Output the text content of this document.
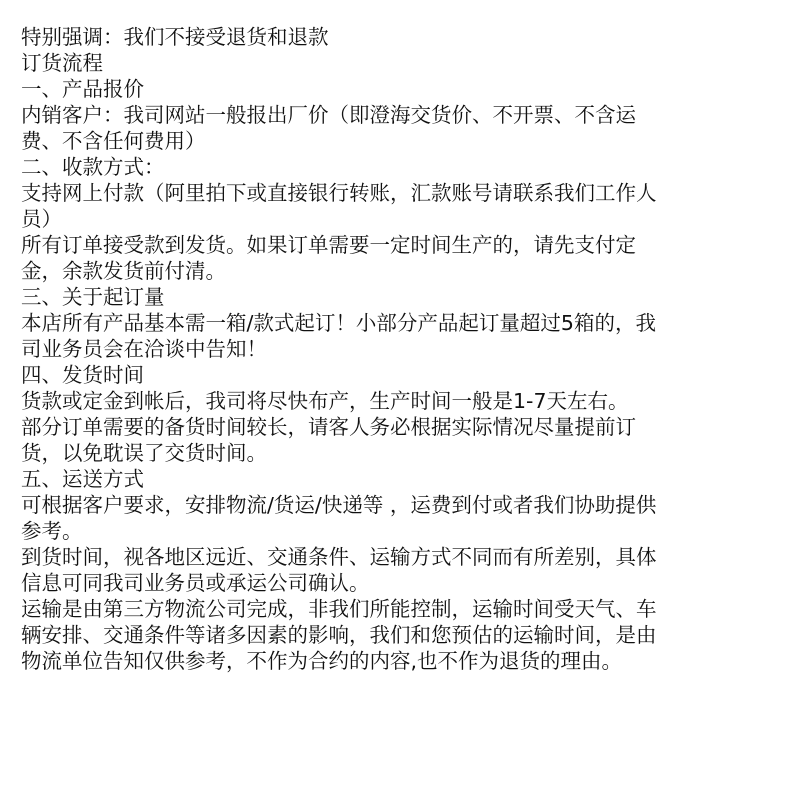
特别强调：我们不接受退货和退款
订货流程
一、产品报价
内销客户：我司网站一般报出厂价（即澄海交货价、不开票、不含运
费、不含任何费用）
二、收款方式：
支持网上付款（阿里拍下或直接银行转账，汇款账号请联系我们工作人
员）
所有订单接受款到发货。如果订单需要一定时间生产的，请先支付定
金，余款发货前付清。
三、关于起订量
本店所有产品基本需一箱/款式起订！小部分产品起订量超过5箱的，我
司业务员会在洽谈中告知！
四、发货时间
货款或定金到帐后，我司将尽快布产，生产时间一般是1-7天左右。
部分订单需要的备货时间较长，请客人务必根据实际情况尽量提前订
货，以免耽误了交货时间。
五、运送方式
可根据客户要求，安排物流/货运/快递等 ，运费到付或者我们协助提供
参考。
到货时间，视各地区远近、交通条件、运输方式不同而有所差别，具体
信息可同我司业务员或承运公司确认。
运输是由第三方物流公司完成，非我们所能控制，运输时间受天气、车
辆安排、交通条件等诸多因素的影响，我们和您预估的运输时间，是由
物流单位告知仅供参考，不作为合约的内容,也不作为退货的理由。
